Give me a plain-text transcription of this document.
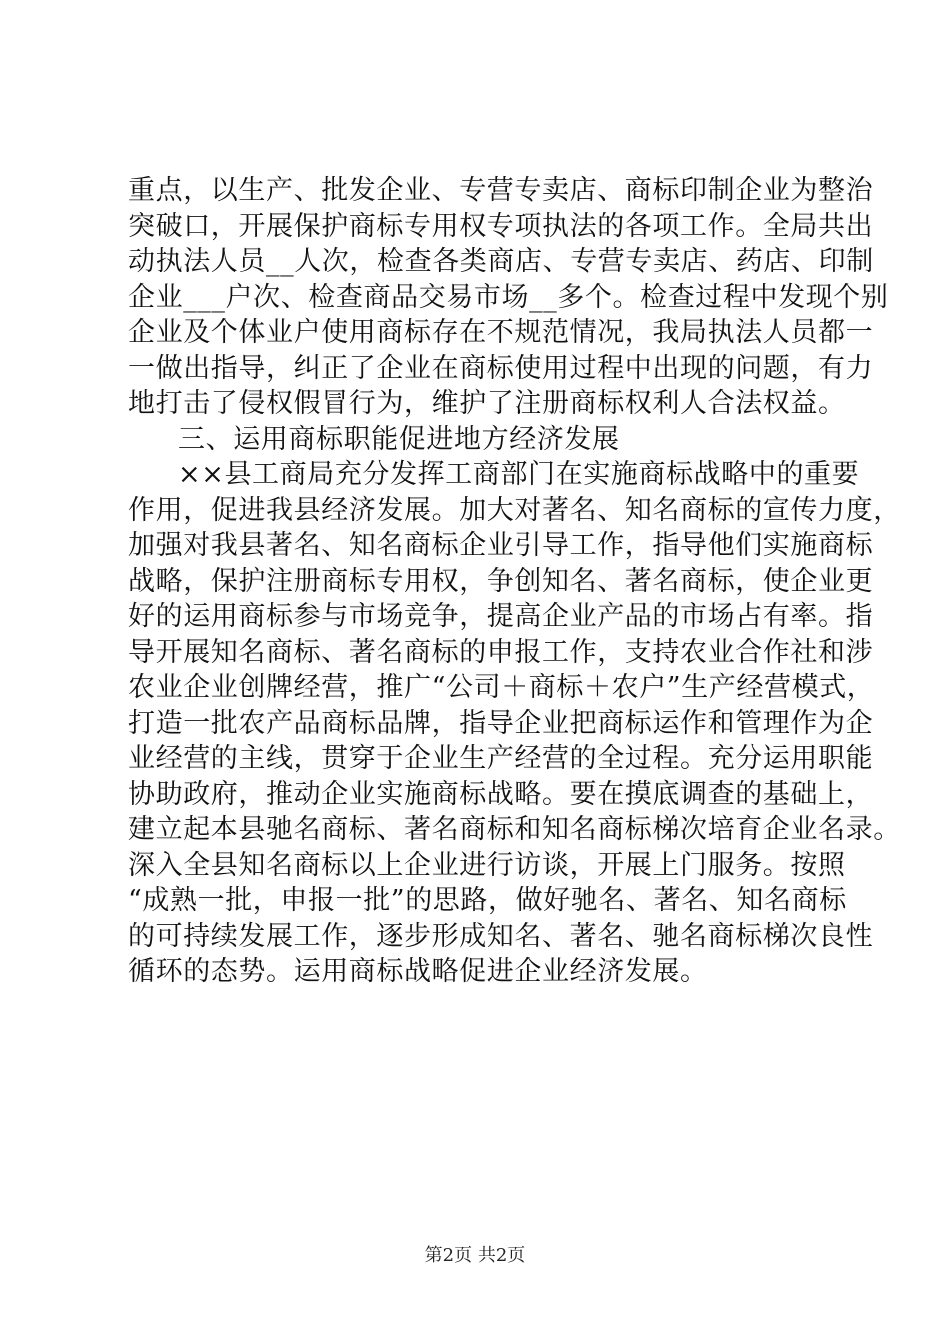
重点，以生产、批发企业、专营专卖店、商标印制企业为整治
突破口，开展保护商标专用权专项执法的各项工作。全局共出
动执法人员__人次，检查各类商店、专营专卖店、药店、印制
企业___户次、检查商品交易市场__多个。检查过程中发现个别
企业及个体业户使用商标存在不规范情况，我局执法人员都一
一做出指导，纠正了企业在商标使用过程中出现的问题，有力
地打击了侵权假冒行为，维护了注册商标权利人合法权益。
三、运用商标职能促进地方经济发展
××县工商局充分发挥工商部门在实施商标战略中的重要
作用，促进我县经济发展。加大对著名、知名商标的宣传力度，
加强对我县著名、知名商标企业引导工作，指导他们实施商标
战略，保护注册商标专用权，争创知名、著名商标，使企业更
好的运用商标参与市场竞争，提高企业产品的市场占有率。指
导开展知名商标、著名商标的申报工作，支持农业合作社和涉
农业企业创牌经营，推广“公司＋商标＋农户”生产经营模式，
打造一批农产品商标品牌，指导企业把商标运作和管理作为企
业经营的主线，贯穿于企业生产经营的全过程。充分运用职能
协助政府，推动企业实施商标战略。要在摸底调查的基础上，
建立起本县驰名商标、著名商标和知名商标梯次培育企业名录。
深入全县知名商标以上企业进行访谈，开展上门服务。按照
“成熟一批，申报一批”的思路，做好驰名、著名、知名商标
的可持续发展工作，逐步形成知名、著名、驰名商标梯次良性
循环的态势。运用商标战略促进企业经济发展。
第2页 共2页
